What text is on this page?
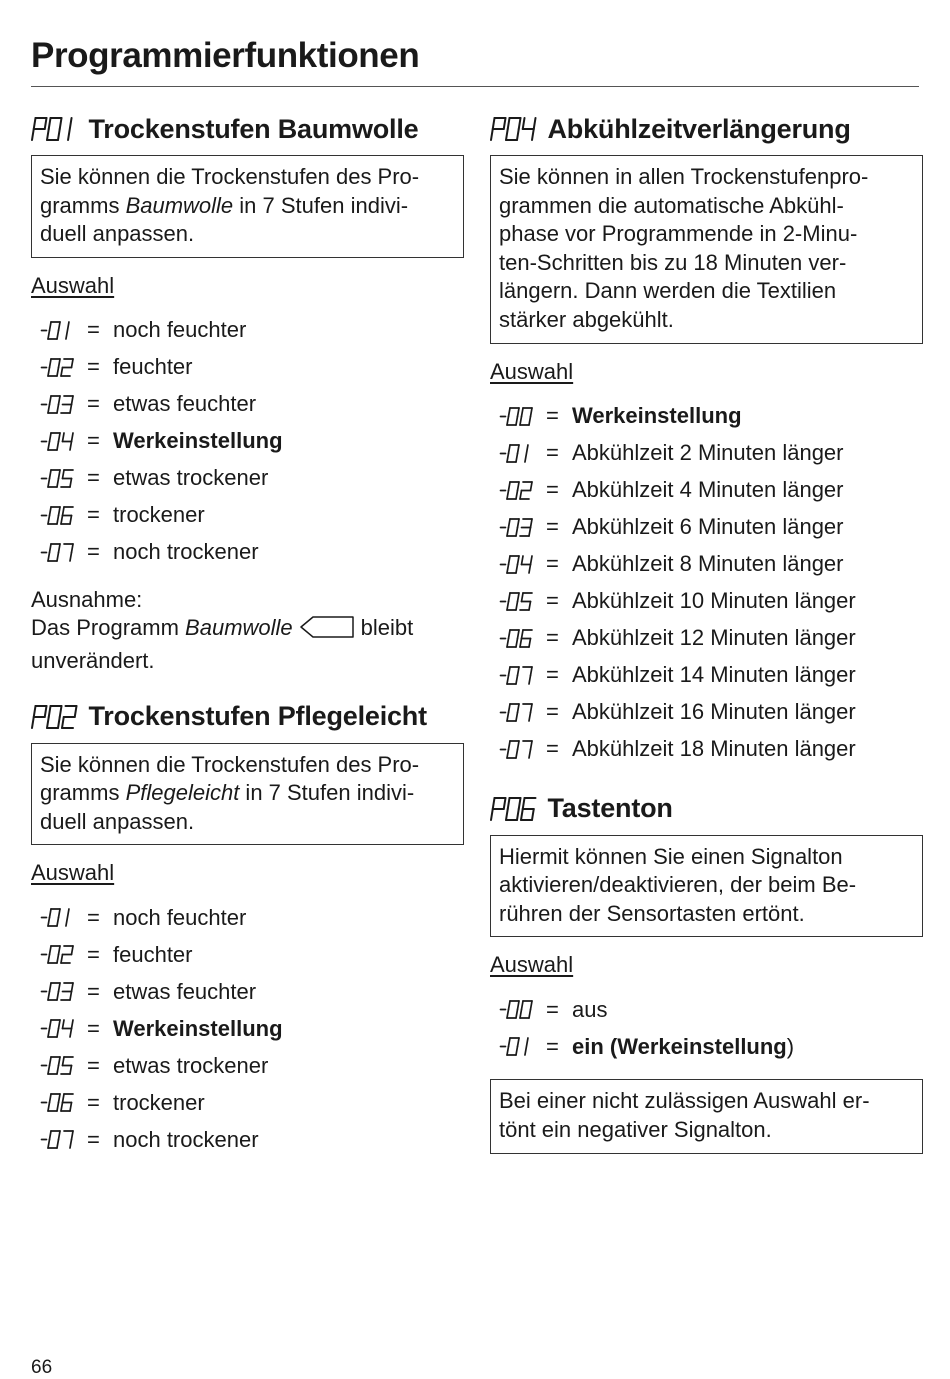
Programmierfunktionen
Trockenstufen Baumwolle
Sie können die Trockenstufen des Pro-
gramms Baumwolle in 7 Stufen indivi-
duell anpassen.
Auswahl
= noch feuchter
= feuchter
= etwas feuchter
= Werkeinstellung
= etwas trockener
= trockener
= noch trockener
Ausnahme:
Das Programm Baumwolle	bleibt
unverändert.
Trockenstufen Pflegeleicht
Sie können die Trockenstufen des Pro-
gramms Pflegeleicht in 7 Stufen indivi-
duell anpassen.
Auswahl
= noch feuchter
= feuchter
= etwas feuchter
= Werkeinstellung
= etwas trockener
= trockener
= noch trockener
Abkühlzeitverlängerung
Sie können in allen Trockenstufenpro-
grammen die automatische Abkühl-
phase vor Programmende in 2-Minu-
ten-Schritten bis zu 18 Minuten ver-
längern. Dann werden die Textilien
stärker abgekühlt.
Auswahl
= Werkeinstellung
= Abkühlzeit 2 Minuten länger
= Abkühlzeit 4 Minuten länger
= Abkühlzeit 6 Minuten länger
= Abkühlzeit 8 Minuten länger
= Abkühlzeit 10 Minuten länger
= Abkühlzeit 12 Minuten länger
= Abkühlzeit 14 Minuten länger
= Abkühlzeit 16 Minuten länger
= Abkühlzeit 18 Minuten länger
Tastenton
Hiermit können Sie einen Signalton
aktivieren/deaktivieren, der beim Be-
rühren der Sensortasten ertönt.
Auswahl
= aus
= ein (Werkeinstellung)
Bei einer nicht zulässigen Auswahl er-
tönt ein negativer Signalton.
66
